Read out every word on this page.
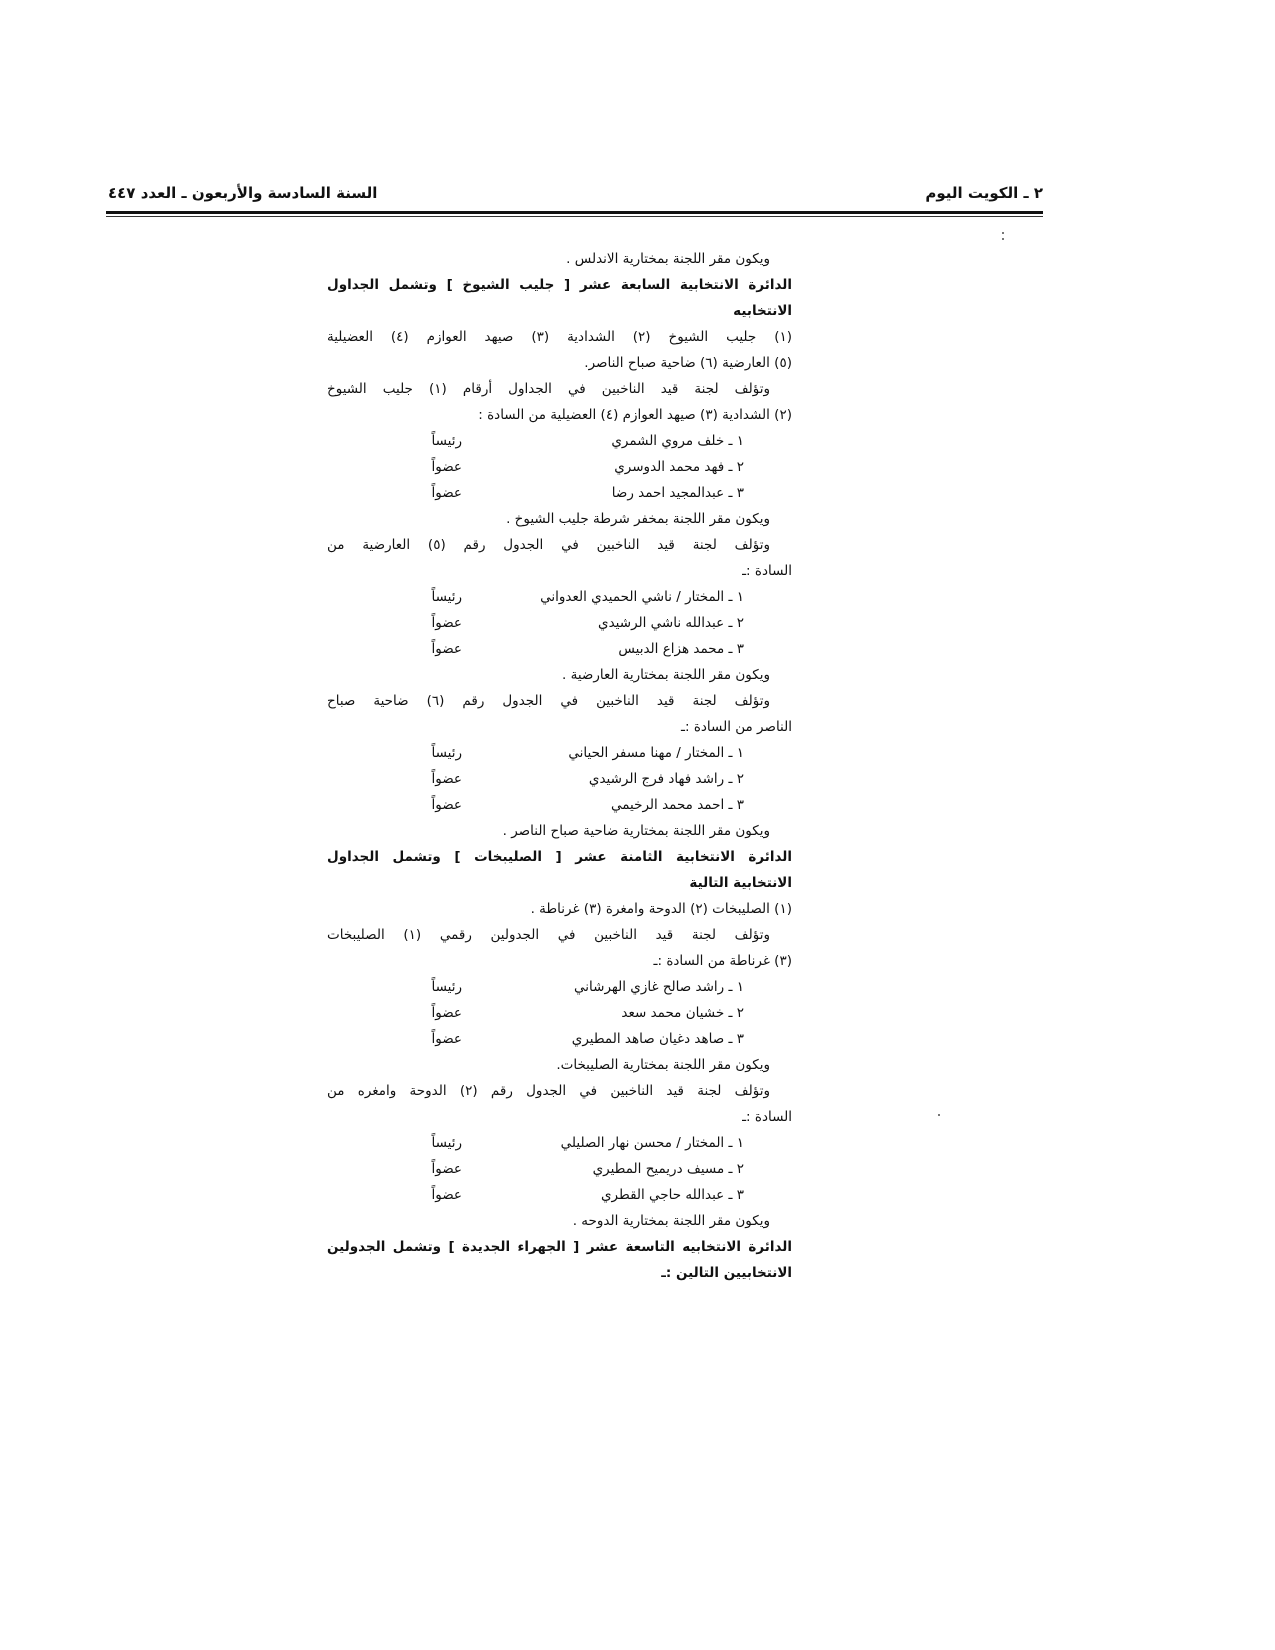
٢ ـ الكويت اليوم
السنة السادسة والأربعون ـ العدد ٤٤٧
ويكون مقر اللجنة بمختارية الاندلس .
الدائرة الانتخابية السابعة عشر [ جليب الشيوخ ] وتشمل الجداول
الانتخابيه
(١) جليب الشيوخ (٢) الشدادية (٣) صيهد العوازم (٤) العضيلية
(٥) العارضية (٦) ضاحية صباح الناصر.
وتؤلف لجنة قيد الناخبين في الجداول أرقام (١) جليب الشيوخ
(٢) الشدادية (٣) صيهد العوازم (٤) العضيلية من السادة :
١ ـ خلف مروي الشمري
رئيساً
٢ ـ فهد محمد الدوسري
عضواً
٣ ـ عبدالمجيد احمد رضا
عضواً
ويكون مقر اللجنة بمخفر شرطة جليب الشيوخ .
وتؤلف لجنة قيد الناخبين في الجدول رقم (٥) العارضية من
السادة :ـ
١ ـ المختار / ناشي الحميدي العدواني
رئيساً
٢ ـ عبدالله ناشي الرشيدي
عضواً
٣ ـ محمد هزاع الدبيس
عضواً
ويكون مقر اللجنة بمختارية العارضية .
وتؤلف لجنة قيد الناخبين في الجدول رقم (٦) ضاحية صباح
الناصر من السادة :ـ
١ ـ المختار / مهنا مسفر الحياني
رئيساً
٢ ـ راشد فهاد فرج الرشيدي
عضواً
٣ ـ احمد محمد الرخيمي
عضواً
ويكون مقر اللجنة بمختارية ضاحية صباح الناصر .
الدائرة الانتخابية الثامنة عشر [ الصليبخات ] وتشمل الجداول
الانتخابية التالية
(١) الصليبخات (٢) الدوحة وامغرة (٣) غرناطة .
وتؤلف لجنة قيد الناخبين في الجدولين رقمي (١) الصليبخات
(٣) غرناطة من السادة :ـ
١ ـ راشد صالح غازي الهرشاني
رئيساً
٢ ـ خشيان محمد سعد
عضواً
٣ ـ صاهد دغيان صاهد المطيري
عضواً
ويكون مقر اللجنة بمختارية الصليبخات.
وتؤلف لجنة قيد الناخبين في الجدول رقم (٢) الدوحة وامغره من
السادة :ـ
١ ـ المختار / محسن نهار الصليلي
رئيساً
٢ ـ مسيف دريميح المطيري
عضواً
٣ ـ عبدالله حاجي القطري
عضواً
ويكون مقر اللجنة بمختارية الدوحه .
الدائرة الانتخابيه التاسعة عشر [ الجهراء الجديدة ] وتشمل الجدولين
الانتخابيين التالين :ـ
